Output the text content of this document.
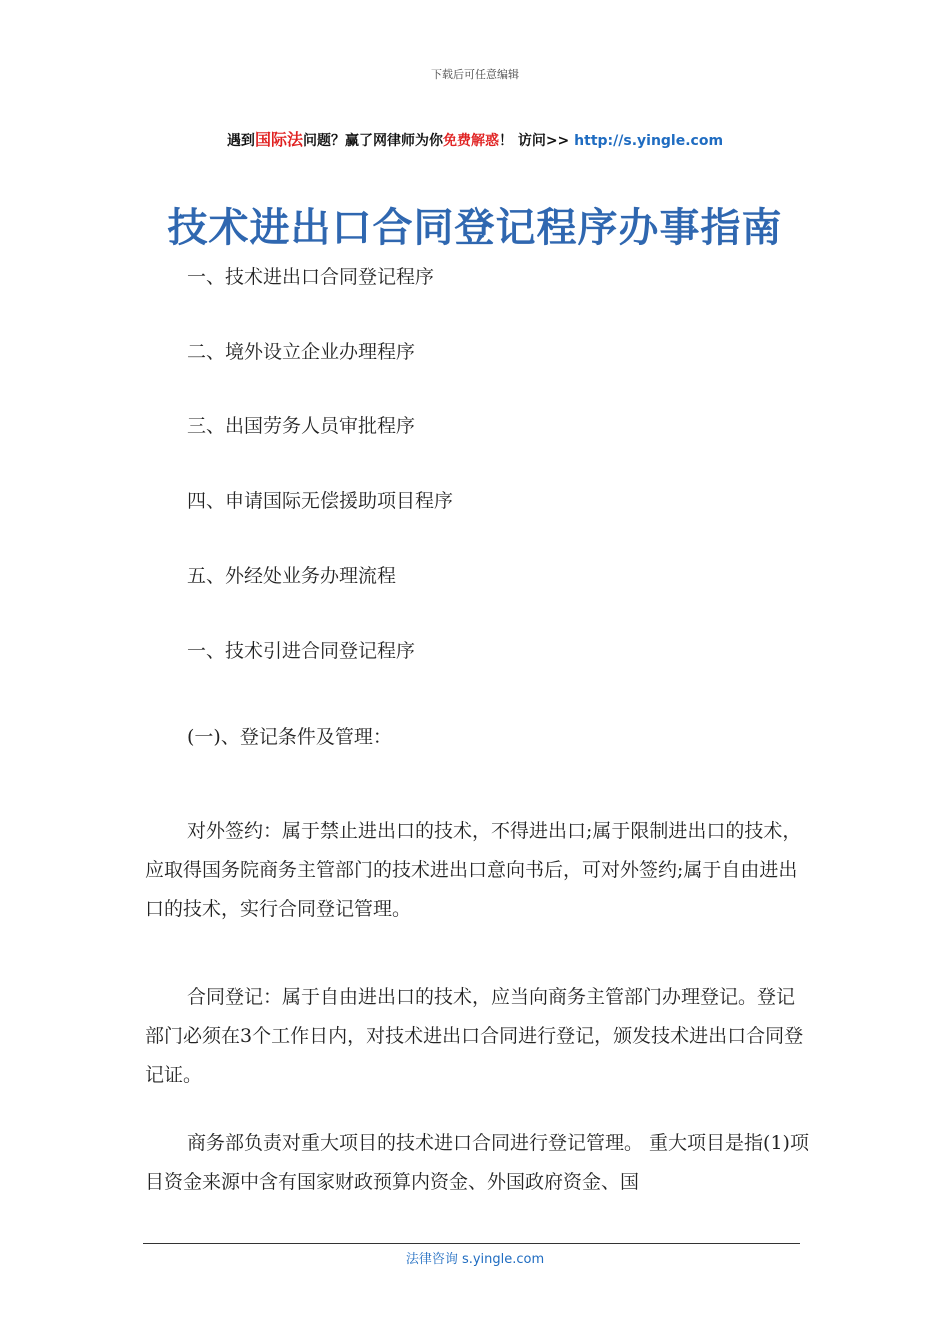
下载后可任意编辑
遇到国际法问题？赢了网律师为你免费解惑！ 访问>> http://s.yingle.com
技术进出口合同登记程序办事指南
一、技术进出口合同登记程序
二、境外设立企业办理程序
三、出国劳务人员审批程序
四、申请国际无偿援助项目程序
五、外经处业务办理流程
一、技术引进合同登记程序
(一)、登记条件及管理：
对外签约：属于禁止进出口的技术，不得进出口;属于限制进出口的技术，应取得国务院商务主管部门的技术进出口意向书后，可对外签约;属于自由进出口的技术，实行合同登记管理。
合同登记：属于自由进出口的技术，应当向商务主管部门办理登记。登记部门必须在3个工作日内，对技术进出口合同进行登记，颁发技术进出口合同登记证。
商务部负责对重大项目的技术进口合同进行登记管理。 重大项目是指(1)项目资金来源中含有国家财政预算内资金、外国政府资金、国
法律咨询 s.yingle.com
